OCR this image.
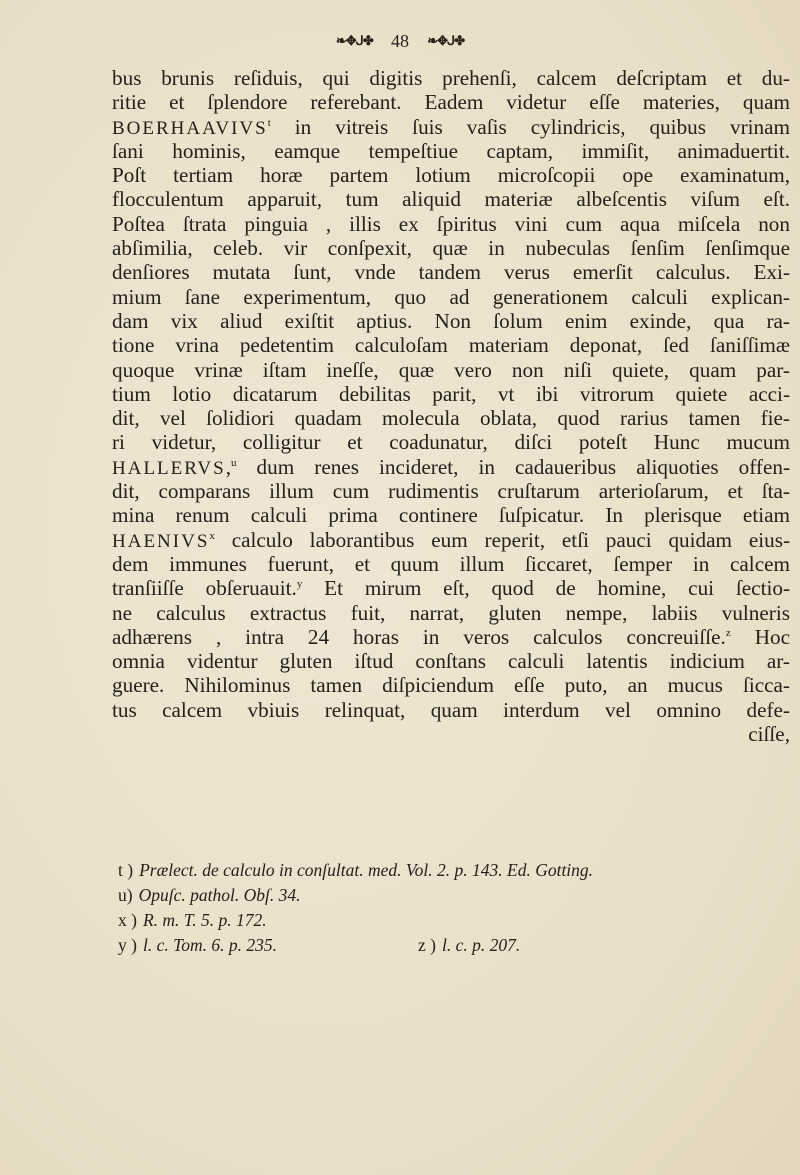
❧✥ᒍ✤ 48 ❧✥ᒍ✤
bus brunis reſiduis, qui digitis prehenſi, calcem deſcriptam et du-
ritie et ſplendore referebant. Eadem videtur eſſe materies, quam
BOERHAAVIVS$^t$ in vitreis ſuis vaſis cylindricis, quibus vrinam
ſani hominis, eamque tempeſtiue captam, immiſit, animaduertit.
Poſt tertiam horæ partem lotium microſcopii ope examinatum,
flocculentum apparuit, tum aliquid materiæ albeſcentis viſum eſt.
Poſtea ſtrata pinguia , illis ex ſpiritus vini cum aqua miſcela non
abſimilia, celeb. vir conſpexit, quæ in nubeculas ſenſim ſenſimque
denſiores mutata ſunt, vnde tandem verus emerſit calculus. Exi-
mium ſane experimentum, quo ad generationem calculi explican-
dam vix aliud exiſtit aptius. Non ſolum enim exinde, qua ra-
tione vrina pedetentim calculoſam materiam deponat, ſed ſaniſſimæ
quoque vrinæ iſtam ineſſe, quæ vero non niſi quiete, quam par-
tium lotio dicatarum debilitas parit, vt ibi vitrorum quiete acci-
dit, vel ſolidiori quadam molecula oblata, quod rarius tamen fie-
ri videtur, colligitur et coadunatur, diſci poteſt Hunc mucum
HALLERVS,$^u$ dum renes incideret, in cadaueribus aliquoties offen-
dit, comparans illum cum rudimentis cruſtarum arterioſarum, et ſta-
mina renum calculi prima continere ſuſpicatur. In plerisque etiam
HAENIVS$^x$ calculo laborantibus eum reperit, etſi pauci quidam eius-
dem immunes fuerunt, et quum illum ſiccaret, ſemper in calcem
tranſiiſſe obſeruauit.$^y$ Et mirum eſt, quod de homine, cui ſectio-
ne calculus extractus fuit, narrat, gluten nempe, labiis vulneris
adhærens , intra 24 horas in veros calculos concreuiſſe.$^z$ Hoc
omnia videntur gluten iſtud conſtans calculi latentis indicium ar-
guere. Nihilominus tamen diſpiciendum eſſe puto, an mucus ſicca-
tus calcem vbiuis relinquat, quam interdum vel omnino defe-
ciſſe,
t ) Prælect. de calculo in conſultat. med. Vol. 2. p. 143. Ed. Gotting.
u) Opuſc. pathol. Obſ. 34.
x ) R. m. T. 5. p. 172.
y ) l. c. Tom. 6. p. 235.	z ) l. c. p. 207.
